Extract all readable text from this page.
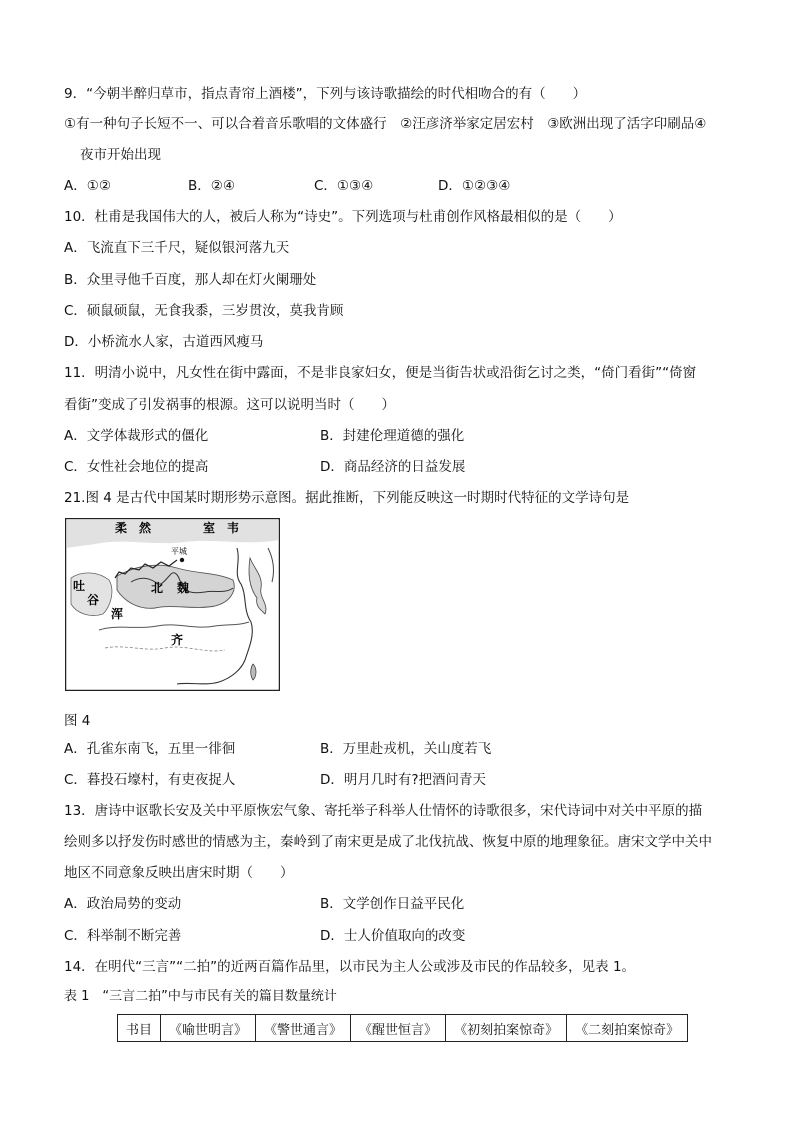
9．“今朝半醉归草市，指点青帘上酒楼”，下列与该诗歌描绘的时代相吻合的有（　　）
①有一种句子长短不一、可以合着音乐歌唱的文体盛行　②汪彦济举家定居宏村　③欧洲出现了活字印刷品④
夜市开始出现
A．①②	B．②④	C．①③④	D．①②③④
10．杜甫是我国伟大的人，被后人称为“诗史”。下列选项与杜甫创作风格最相似的是（　　）
A．飞流直下三千尺，疑似银河落九天
B．众里寻他千百度，那人却在灯火阑珊处
C．硕鼠硕鼠，无食我黍，三岁贯汝，莫我肯顾
D．小桥流水人家，古道西风瘦马
11．明清小说中，凡女性在街中露面，不是非良家妇女，便是当街告状或沿街乞讨之类，“倚门看街”“倚窗
看街”变成了引发祸事的根源。这可以说明当时（　　）
A．文学体裁形式的僵化	B．封建伦理道德的强化
C．女性社会地位的提高	D．商品经济的日益发展
21.图 4 是古代中国某时期形势示意图。据此推断，下列能反映这一时期时代特征的文学诗句是
柔　然	室　韦
平城
北 魏
吐
谷
浑
齐
图 4
A．孔雀东南飞，五里一徘徊	B．万里赴戎机，关山度若飞
C．暮投石壕村，有吏夜捉人	D．明月几时有?把酒问青天
13．唐诗中讴歌长安及关中平原恢宏气象、寄托举子科举人仕情怀的诗歌很多，宋代诗词中对关中平原的描
绘则多以抒发伤时感世的情感为主，秦岭到了南宋更是成了北伐抗战、恢复中原的地理象征。唐宋文学中关中
地区不同意象反映出唐宋时期（　　）
A．政治局势的变动	B．文学创作日益平民化
C．科举制不断完善	D．士人价值取向的改变
14．在明代“三言”“二拍”的近两百篇作品里，以市民为主人公或涉及市民的作品较多，见表 1。
表 1　“三言二拍”中与市民有关的篇目数量统计
书目	《喻世明言》	《警世通言》	《醒世恒言》	《初刻拍案惊奇》	《二刻拍案惊奇》
